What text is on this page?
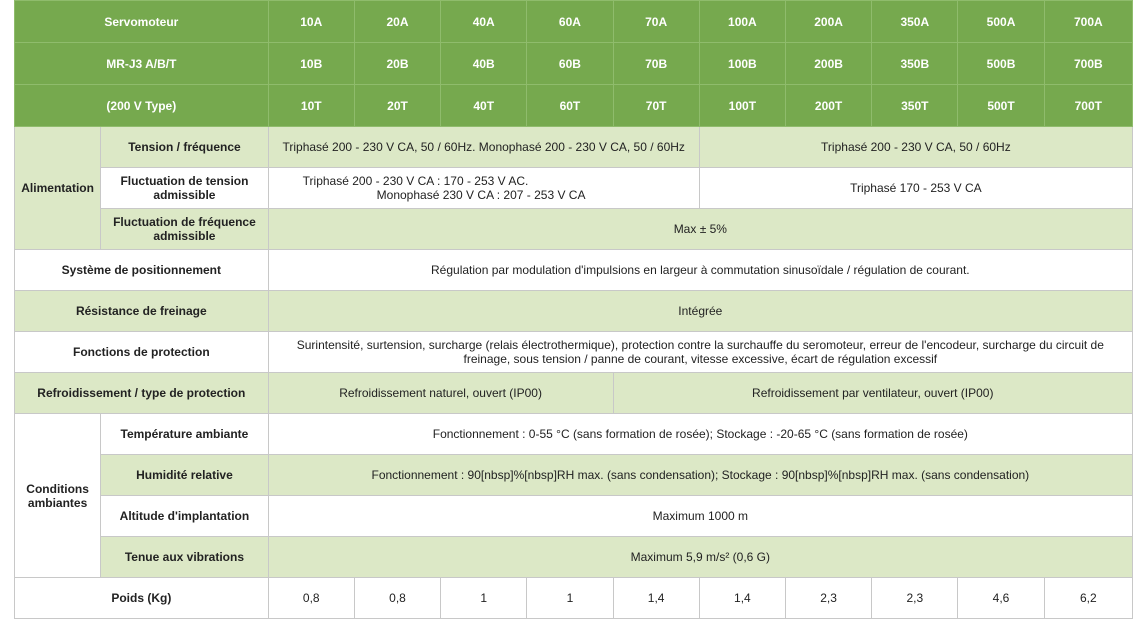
Servomoteur		10A	20A	40A	60A	70A	100A	200A	350A	500A	700A
MR-J3 A/B/T		10B	20B	40B	60B	70B	100B	200B	350B	500B	700B
(200 V Type)		10T	20T	40T	60T	70T	100T	200T	350T	500T	700T
Alimentation	Tension / fréquence	Triphasé 200 - 230 V CA, 50 / 60Hz. Monophasé 200 - 230 V CA, 50 / 60Hz					Triphasé 200 - 230 V CA, 50 / 60Hz				
	Fluctuation de tension admissible	Triphasé 200 - 230 V CA : 170 - 253 V AC.
Monophasé 230 V CA : 207 - 253 V CA					Triphasé 170 - 253 V CA				
	Fluctuation de fréquence admissible	Max ± 5%									
Système de positionnement		Régulation par modulation d'impulsions en largeur à commutation sinusoïdale / régulation de courant.									
Résistance de freinage		Intégrée									
Fonctions de protection		Surintensité, surtension, surcharge (relais électrothermique), protection contre la surchauffe du seromoteur, erreur de l'encodeur, surcharge du circuit de freinage, sous tension / panne de courant, vitesse excessive, écart de régulation excessif									
Refroidissement / type de protection		Refroidissement naturel, ouvert (IP00)				Refroidissement par ventilateur, ouvert (IP00)					
Conditions ambiantes	Température ambiante	Fonctionnement : 0-55 °C (sans formation de rosée); Stockage : -20-65 °C (sans formation de rosée)									
	Humidité relative	Fonctionnement : 90[nbsp]%[nbsp]RH max. (sans condensation); Stockage : 90[nbsp]%[nbsp]RH max. (sans condensation)									
	Altitude d'implantation	Maximum 1000 m									
	Tenue aux vibrations	Maximum 5,9 m/s² (0,6 G)									
Poids (Kg)		0,8	0,8	1	1	1,4	1,4	2,3	2,3	4,6	6,2
